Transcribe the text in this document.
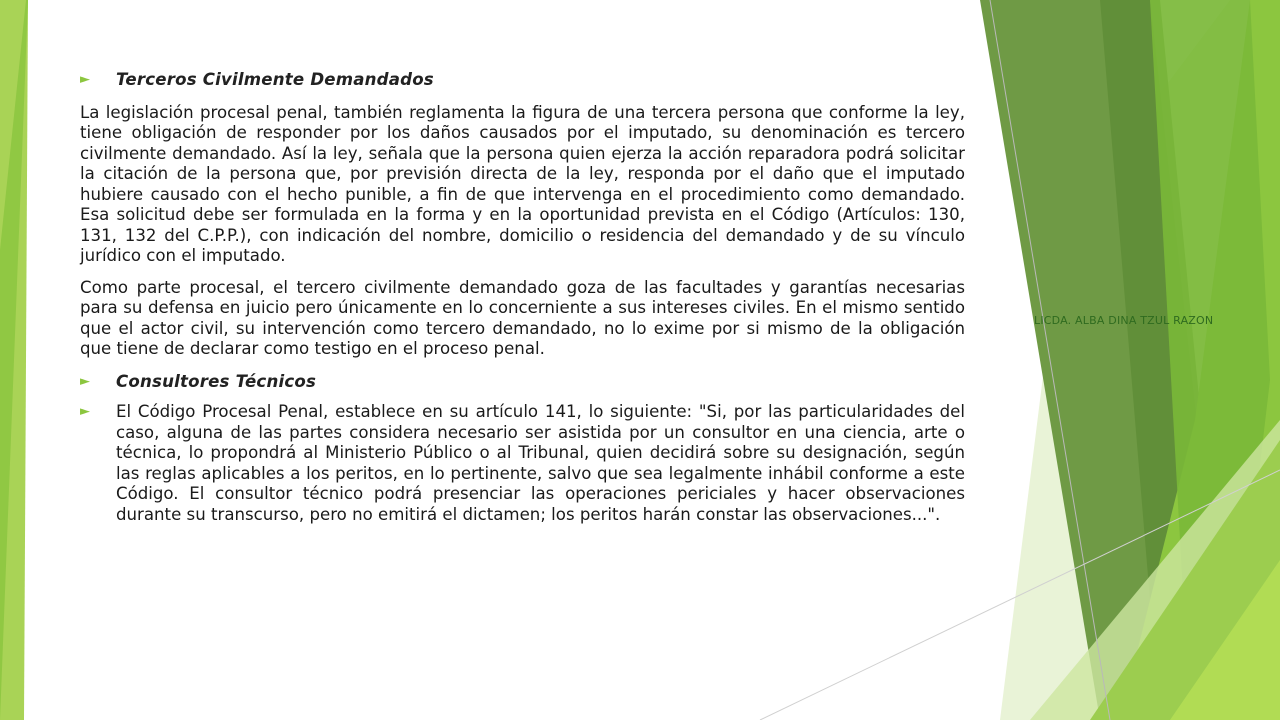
►	Terceros Civilmente Demandados

La legislación procesal penal, también reglamenta la figura de una tercera persona que conforme la ley, tiene obligación de responder por los daños causados por el imputado, su denominación es tercero civilmente demandado. Así la ley, señala que la persona quien ejerza la acción reparadora podrá solicitar la citación de la persona que, por previsión directa de la ley, responda por el daño que el imputado hubiere causado con el hecho punible, a fin de que intervenga en el procedimiento como demandado. Esa solicitud debe ser formulada en la forma y en la oportunidad prevista en el Código (Artículos: 130, 131, 132 del C.P.P.), con indicación del nombre, domicilio o residencia del demandado y de su vínculo jurídico con el imputado.

Como parte procesal, el tercero civilmente demandado goza de las facultades y garantías necesarias para su defensa en juicio pero únicamente en lo concerniente a sus intereses civiles. En el mismo sentido que el actor civil, su intervención como tercero demandado, no lo exime por si mismo de la obligación que tiene de declarar como testigo en el proceso penal.

►	Consultores Técnicos
►	El Código Procesal Penal, establece en su artículo 141, lo siguiente: "Si, por las particularidades del caso, alguna de las partes considera necesario ser asistida por un consultor en una ciencia, arte o técnica, lo propondrá al Ministerio Público o al Tribunal, quien decidirá sobre su designación, según las reglas aplicables a los peritos, en lo pertinente, salvo que sea legalmente inhábil conforme a este Código. El consultor técnico podrá presenciar las operaciones periciales y hacer observaciones durante su transcurso, pero no emitirá el dictamen; los peritos harán constar las observaciones...".
LICDA. ALBA DINA TZUL RAZON
